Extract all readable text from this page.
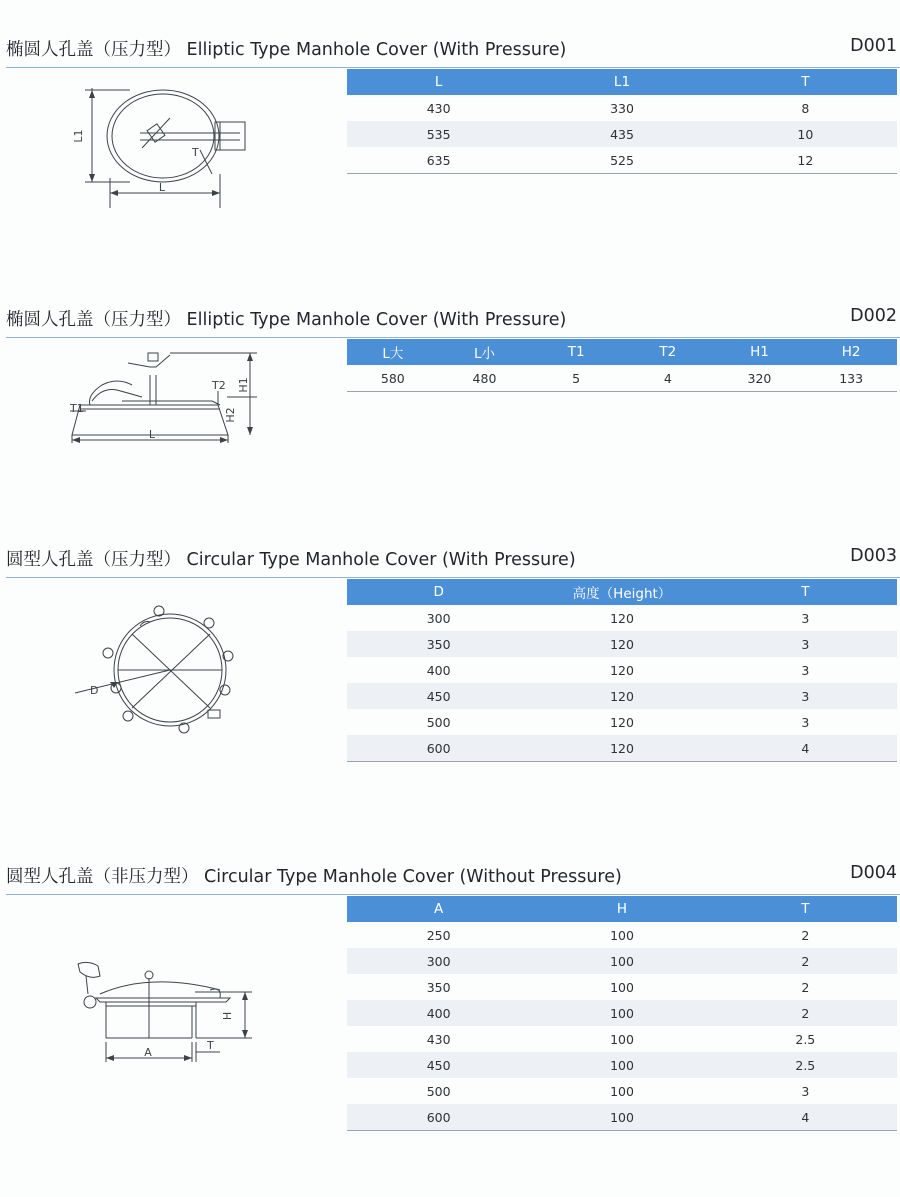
椭圆人孔盖（压力型） Elliptic Type Manhole Cover (With Pressure)	D001
L1
T
L
L	L1	T
430	330	8
535	435	10
635	525	12
椭圆人孔盖（压力型） Elliptic Type Manhole Cover (With Pressure)	D002
T2 H1
T1	H2
L
L大	L小	T1	T2	H1	H2
580	480	5	4	320	133
圆型人孔盖（压力型） Circular Type Manhole Cover (With Pressure)	D003
D
D	高度（Height）	T
300	120	3
350	120	3
400	120	3
450	120	3
500	120	3
600	120	4
圆型人孔盖（非压力型） Circular Type Manhole Cover (Without Pressure)	D004
H
A
T
A	H	T
250	100	2
300	100	2
350	100	2
400	100	2
430	100	2.5
450	100	2.5
500	100	3
600	100	4
